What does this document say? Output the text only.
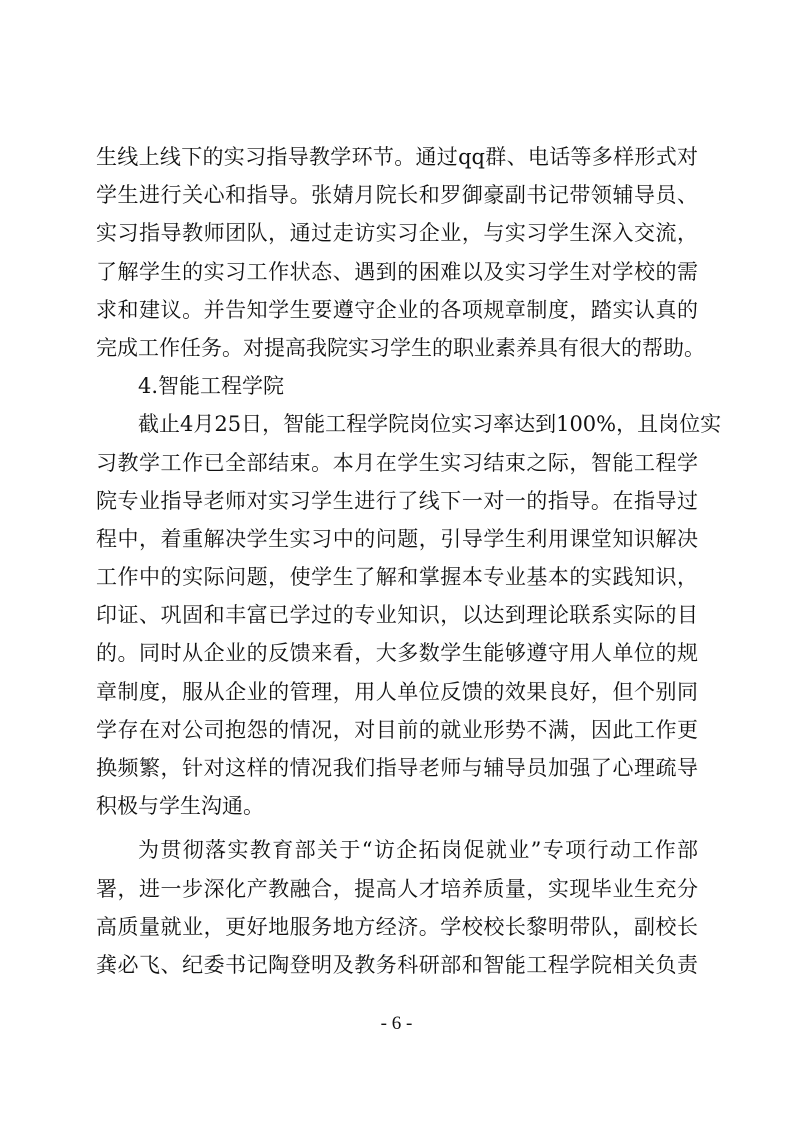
生线上线下的实习指导教学环节。通过qq群、电话等多样形式对
学生进行关心和指导。张婧月院长和罗御豪副书记带领辅导员、
实习指导教师团队，通过走访实习企业，与实习学生深入交流，
了解学生的实习工作状态、遇到的困难以及实习学生对学校的需
求和建议。并告知学生要遵守企业的各项规章制度，踏实认真的
完成工作任务。对提高我院实习学生的职业素养具有很大的帮助。
4.智能工程学院
截止4月25日，智能工程学院岗位实习率达到100%，且岗位实
习教学工作已全部结束。本月在学生实习结束之际，智能工程学
院专业指导老师对实习学生进行了线下一对一的指导。在指导过
程中，着重解决学生实习中的问题，引导学生利用课堂知识解决
工作中的实际问题，使学生了解和掌握本专业基本的实践知识，
印证、巩固和丰富已学过的专业知识，以达到理论联系实际的目
的。同时从企业的反馈来看，大多数学生能够遵守用人单位的规
章制度，服从企业的管理，用人单位反馈的效果良好，但个别同
学存在对公司抱怨的情况，对目前的就业形势不满，因此工作更
换频繁，针对这样的情况我们指导老师与辅导员加强了心理疏导
积极与学生沟通。
为贯彻落实教育部关于“访企拓岗促就业”专项行动工作部
署，进一步深化产教融合，提高人才培养质量，实现毕业生充分
高质量就业，更好地服务地方经济。学校校长黎明带队，副校长
龚必飞、纪委书记陶登明及教务科研部和智能工程学院相关负责
- 6 -
